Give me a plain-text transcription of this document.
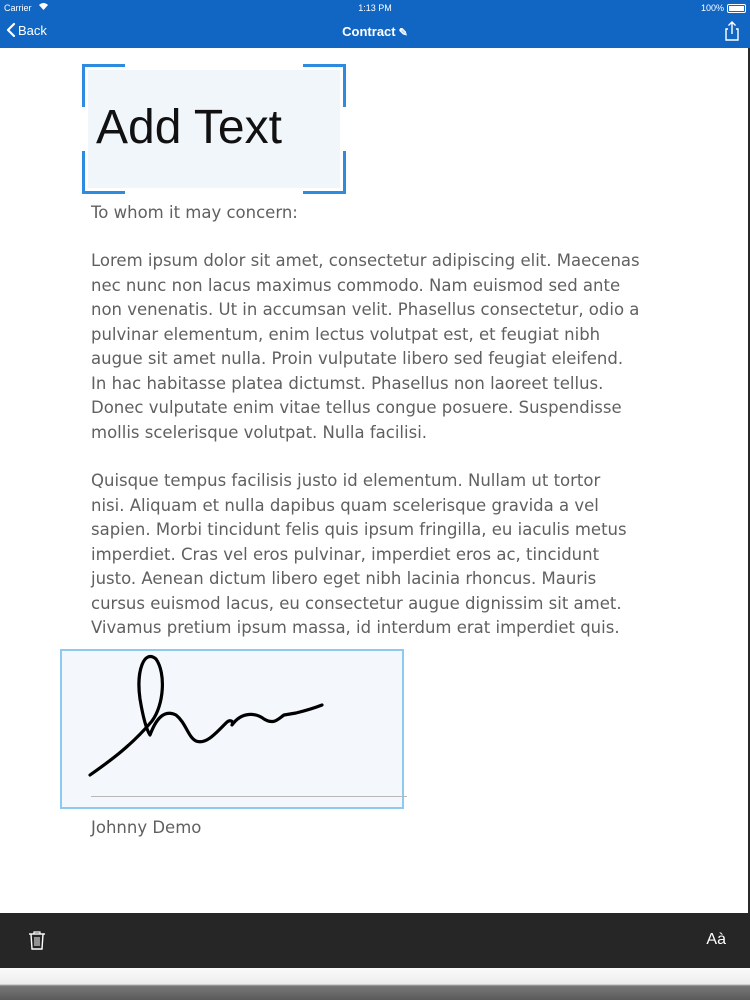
Carrier	1:13 PM	100%
Back	Contract ✎
Add Text
To whom it may concern:
Lorem ipsum dolor sit amet, consectetur adipiscing elit. Maecenas
nec nunc non lacus maximus commodo. Nam euismod sed ante
non venenatis. Ut in accumsan velit. Phasellus consectetur, odio a
pulvinar elementum, enim lectus volutpat est, et feugiat nibh
augue sit amet nulla. Proin vulputate libero sed feugiat eleifend.
In hac habitasse platea dictumst. Phasellus non laoreet tellus.
Donec vulputate enim vitae tellus congue posuere. Suspendisse
mollis scelerisque volutpat. Nulla facilisi.
Quisque tempus facilisis justo id elementum. Nullam ut tortor
nisi. Aliquam et nulla dapibus quam scelerisque gravida a vel
sapien. Morbi tincidunt felis quis ipsum fringilla, eu iaculis metus
imperdiet. Cras vel eros pulvinar, imperdiet eros ac, tincidunt
justo. Aenean dictum libero eget nibh lacinia rhoncus. Mauris
cursus euismod lacus, eu consectetur augue dignissim sit amet.
Vivamus pretium ipsum massa, id interdum erat imperdiet quis.
Johnny Demo
Aà
